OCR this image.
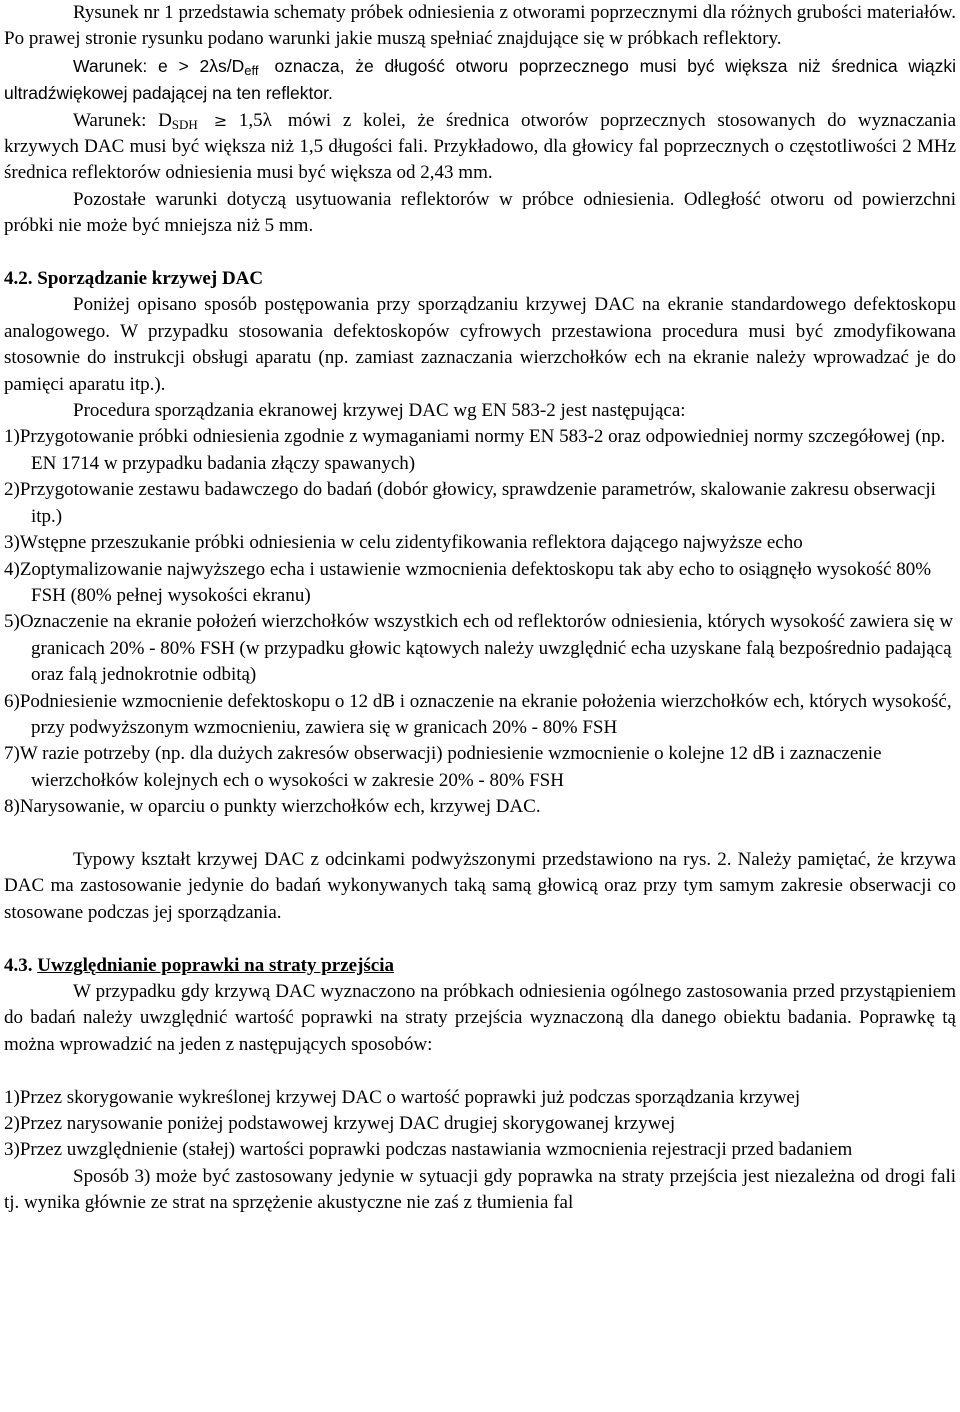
Rysunek nr 1 przedstawia schematy próbek odniesienia z otworami poprzecznymi dla różnych grubości materiałów. Po prawej stronie rysunku podano warunki jakie muszą spełniać znajdujące się w próbkach reflektory.

Warunek: $e > 2\lambda s/D_{eff}$ oznacza, że długość otworu poprzecznego musi być większa niż średnica wiązki ultradźwiękowej padającej na ten reflektor.

Warunek: $D_{SDH} \ge 1,5\lambda$ mówi z kolei, że średnica otworów poprzecznych stosowanych do wyznaczania krzywych DAC musi być większa niż 1,5 długości fali. Przykładowo, dla głowicy fal poprzecznych o częstotliwości 2 MHz średnica reflektorów odniesienia musi być większa od 2,43 mm.

Pozostałe warunki dotyczą usytuowania reflektorów w próbce odniesienia. Odległość otworu od powierzchni próbki nie może być mniejsza niż 5 mm.

4.2. Sporządzanie krzywej DAC

Poniżej opisano sposób postępowania przy sporządzaniu krzywej DAC na ekranie standardowego defektoskopu analogowego. W przypadku stosowania defektoskopów cyfrowych przestawiona procedura musi być zmodyfikowana stosownie do instrukcji obsługi aparatu (np. zamiast zaznaczania wierzchołków ech na ekranie należy wprowadzać je do pamięci aparatu itp.).

Procedura sporządzania ekranowej krzywej DAC wg EN 583-2 jest następująca:

1)Przygotowanie próbki odniesienia zgodnie z wymaganiami normy EN 583-2 oraz odpowiedniej normy szczegółowej (np. EN 1714 w przypadku badania złączy spawanych)
2)Przygotowanie zestawu badawczego do badań (dobór głowicy, sprawdzenie parametrów, skalowanie zakresu obserwacji itp.)
3)Wstępne przeszukanie próbki odniesienia w celu zidentyfikowania reflektora dającego najwyższe echo
4)Zoptymalizowanie najwyższego echa i ustawienie wzmocnienia defektoskopu tak aby echo to osiągnęło wysokość 80% FSH (80% pełnej wysokości ekranu)
5)Oznaczenie na ekranie położeń wierzchołków wszystkich ech od reflektorów odniesienia, których wysokość zawiera się w granicach 20% - 80% FSH (w przypadku głowic kątowych należy uwzględnić echa uzyskane falą bezpośrednio padającą oraz falą jednokrotnie odbitą)
6)Podniesienie wzmocnienie defektoskopu o 12 dB i oznaczenie na ekranie położenia wierzchołków ech, których wysokość, przy podwyższonym wzmocnieniu, zawiera się w granicach 20% - 80% FSH
7)W razie potrzeby (np. dla dużych zakresów obserwacji) podniesienie wzmocnienie o kolejne 12 dB i zaznaczenie wierzchołków kolejnych ech o wysokości w zakresie 20% - 80% FSH
8)Narysowanie, w oparciu o punkty wierzchołków ech, krzywej DAC.

Typowy kształt krzywej DAC z odcinkami podwyższonymi przedstawiono na rys. 2. Należy pamiętać, że krzywa DAC ma zastosowanie jedynie do badań wykonywanych taką samą głowicą oraz przy tym samym zakresie obserwacji co stosowane podczas jej sporządzania.

4.3. Uwzględnianie poprawki na straty przejścia

W przypadku gdy krzywą DAC wyznaczono na próbkach odniesienia ogólnego zastosowania przed przystąpieniem do badań należy uwzględnić wartość poprawki na straty przejścia wyznaczoną dla danego obiektu badania. Poprawkę tą można wprowadzić na jeden z następujących sposobów:

1)Przez skorygowanie wykreślonej krzywej DAC o wartość poprawki już podczas sporządzania krzywej
2)Przez narysowanie poniżej podstawowej krzywej DAC drugiej skorygowanej krzywej
3)Przez uwzględnienie (stałej) wartości poprawki podczas nastawiania wzmocnienia rejestracji przed badaniem

Sposób 3) może być zastosowany jedynie w sytuacji gdy poprawka na straty przejścia jest niezależna od drogi fali tj. wynika głównie ze strat na sprzężenie akustyczne nie zaś z tłumienia fal
